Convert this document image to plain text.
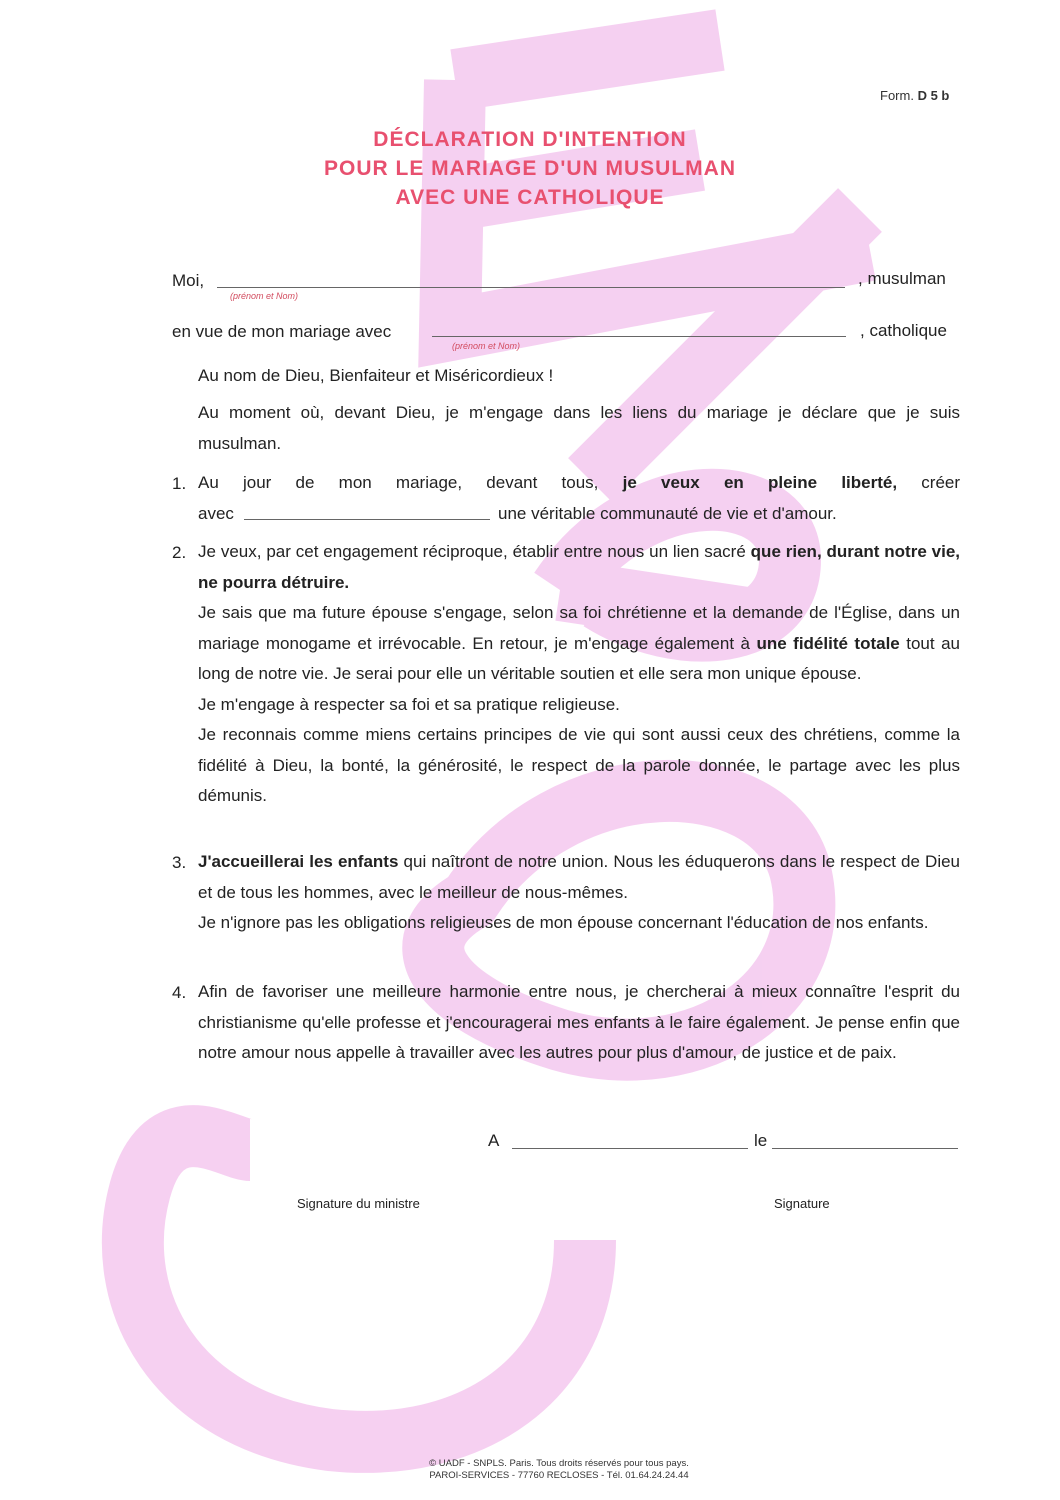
Form. D 5 b
DÉCLARATION D'INTENTION
POUR LE MARIAGE D'UN MUSULMAN
AVEC UNE CATHOLIQUE
Moi,
(prénom et Nom)
, musulman
en vue de mon mariage avec
(prénom et Nom)
, catholique
Au nom de Dieu, Bienfaiteur et Miséricordieux !
Au moment où, devant Dieu, je m'engage dans les liens du mariage je déclare que je suis musulman.
1. Au jour de mon mariage, devant tous, je veux en pleine liberté, créer
avec	une véritable communauté de vie et d'amour.
2. Je veux, par cet engagement réciproque, établir entre nous un lien sacré que rien, durant notre vie, ne pourra détruire.
Je sais que ma future épouse s'engage, selon sa foi chrétienne et la demande de l'Église, dans un mariage monogame et irrévocable. En retour, je m'engage également à une fidélité totale tout au long de notre vie. Je serai pour elle un véritable soutien et elle sera mon unique épouse.
Je m'engage à respecter sa foi et sa pratique religieuse.
Je reconnais comme miens certains principes de vie qui sont aussi ceux des chrétiens, comme la fidélité à Dieu, la bonté, la générosité, le respect de la parole donnée, le partage avec les plus démunis.
3. J'accueillerai les enfants qui naîtront de notre union. Nous les éduquerons dans le respect de Dieu et de tous les hommes, avec le meilleur de nous-mêmes.
Je n'ignore pas les obligations religieuses de mon épouse concernant l'éducation de nos enfants.
4. Afin de favoriser une meilleure harmonie entre nous, je chercherai à mieux connaître l'esprit du christianisme qu'elle professe et j'encouragerai mes enfants à le faire également. Je pense enfin que notre amour nous appelle à travailler avec les autres pour plus d'amour, de justice et de paix.
A	le
Signature du ministre	Signature
© UADF - SNPLS. Paris. Tous droits réservés pour tous pays.
PAROI-SERVICES - 77760 RECLOSES - Tél. 01.64.24.24.44
